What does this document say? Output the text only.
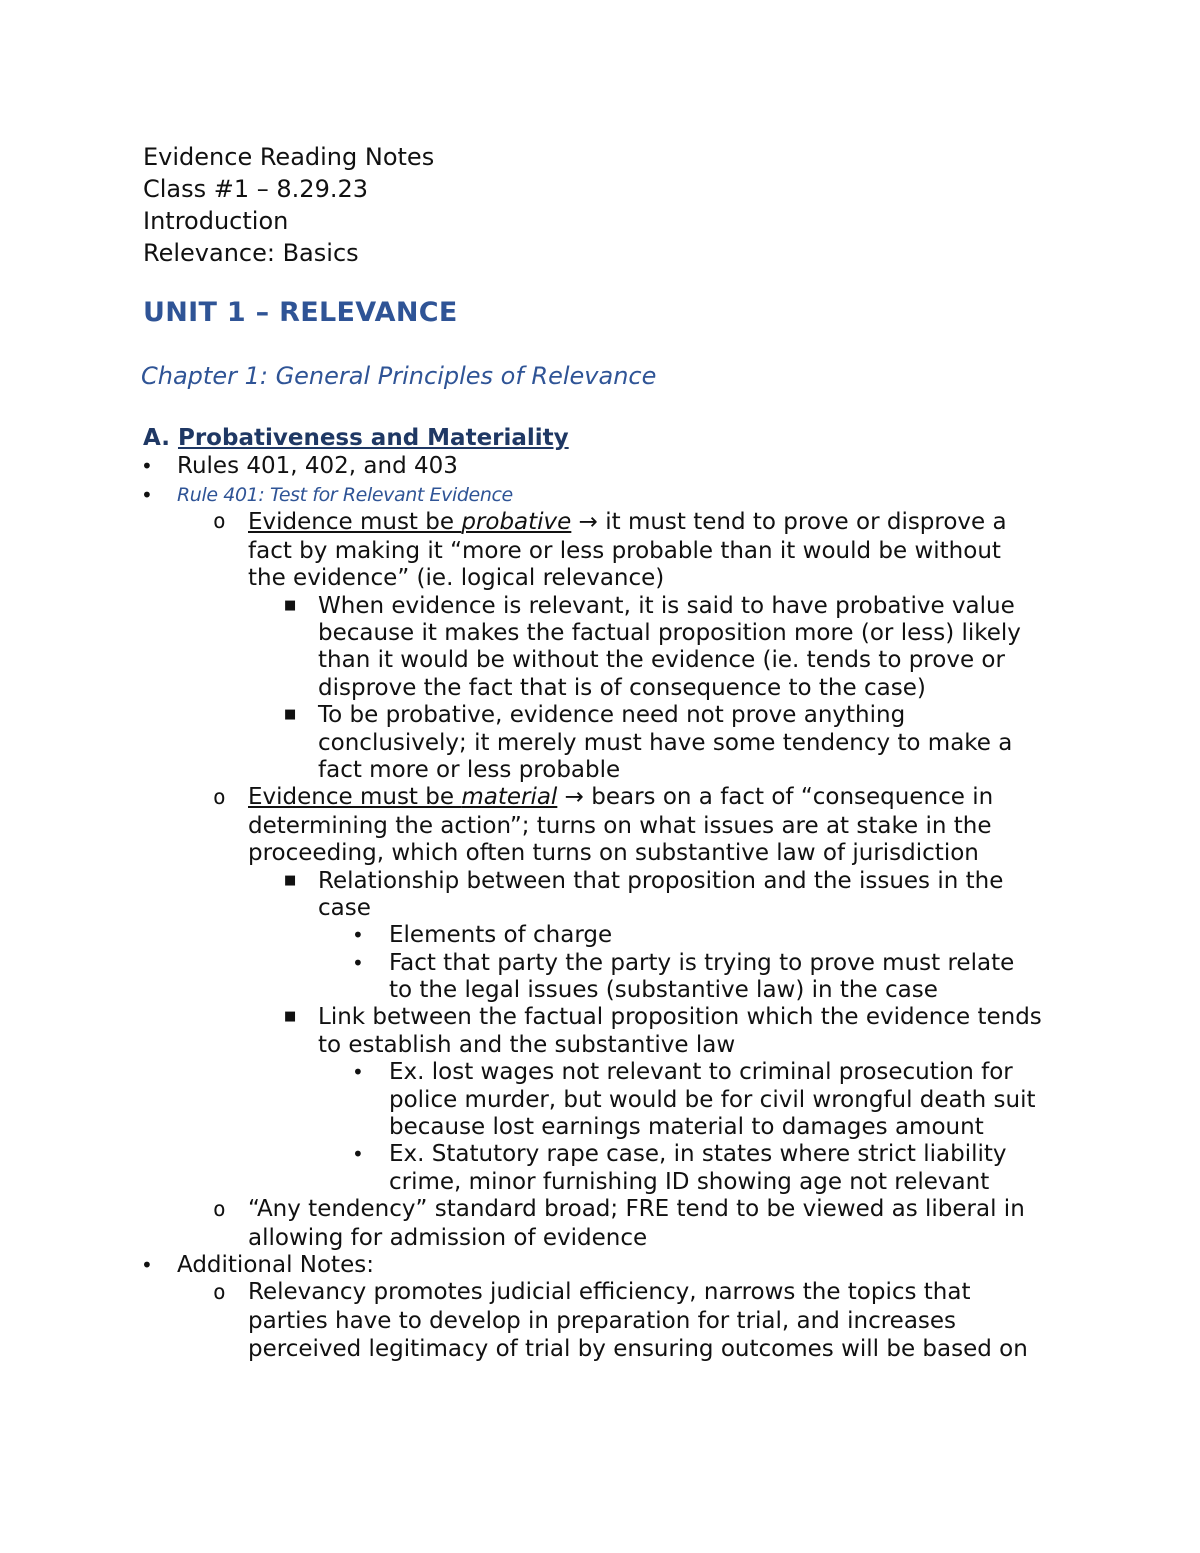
Evidence Reading Notes
Class #1 – 8.29.23
Introduction
Relevance: Basics
UNIT 1 – RELEVANCE
Chapter 1: General Principles of Relevance
A. Probativeness and Materiality
• Rules 401, 402, and 403
• Rule 401: Test for Relevant Evidence
o Evidence must be probative → it must tend to prove or disprove a
fact by making it “more or less probable than it would be without
the evidence” (ie. logical relevance)
■ When evidence is relevant, it is said to have probative value
because it makes the factual proposition more (or less) likely
than it would be without the evidence (ie. tends to prove or
disprove the fact that is of consequence to the case)
■ To be probative, evidence need not prove anything
conclusively; it merely must have some tendency to make a
fact more or less probable
o Evidence must be material → bears on a fact of “consequence in
determining the action”; turns on what issues are at stake in the
proceeding, which often turns on substantive law of jurisdiction
■ Relationship between that proposition and the issues in the
case
• Elements of charge
• Fact that party the party is trying to prove must relate
to the legal issues (substantive law) in the case
■ Link between the factual proposition which the evidence tends
to establish and the substantive law
• Ex. lost wages not relevant to criminal prosecution for
police murder, but would be for civil wrongful death suit
because lost earnings material to damages amount
• Ex. Statutory rape case, in states where strict liability
crime, minor furnishing ID showing age not relevant
o “Any tendency” standard broad; FRE tend to be viewed as liberal in
allowing for admission of evidence
• Additional Notes:
o Relevancy promotes judicial efficiency, narrows the topics that
parties have to develop in preparation for trial, and increases
perceived legitimacy of trial by ensuring outcomes will be based on
